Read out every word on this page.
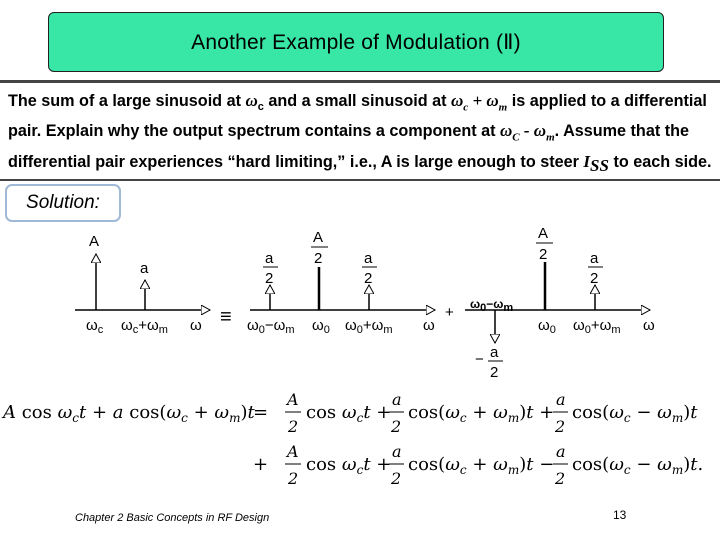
Another Example of Modulation (Ⅱ)
The sum of a large sinusoid at $\omega_c$ and a small sinusoid at $\omega_c + \omega_m$ is applied to a differential pair. Explain why the output spectrum contains a component at $\omega_C - \omega_m$. Assume that the differential pair experiences “hard limiting,” i.e., A is large enough to steer $I_{SS}$ to each side.
Solution:
A
a
$\omega_c$ $\omega_c+\omega_m$ ω ≡
a
2
A
2	a
2
$\omega_0-\omega_m$ $\omega_0$ $\omega_0+\omega_m$ ω
+ ω0−ωm
A
2	a
2
− a
2
$\omega_0$ $\omega_0+\omega_m$ ω
A $\cos \omega_ct + a$ $\cos(\omega_c + \omega_m)t$
=
A
2
$\cos \omega_ct$ +
a
2
$\cos(\omega_c + \omega_m)t$ +
a
2
$\cos(\omega_c - \omega_m)t$
+
A
2
$\cos \omega_ct$ +
a
2
$\cos(\omega_c + \omega_m)t$ −
a
2
$\cos(\omega_c - \omega_m)t$.
Chapter 2 Basic Concepts in RF Design	13
